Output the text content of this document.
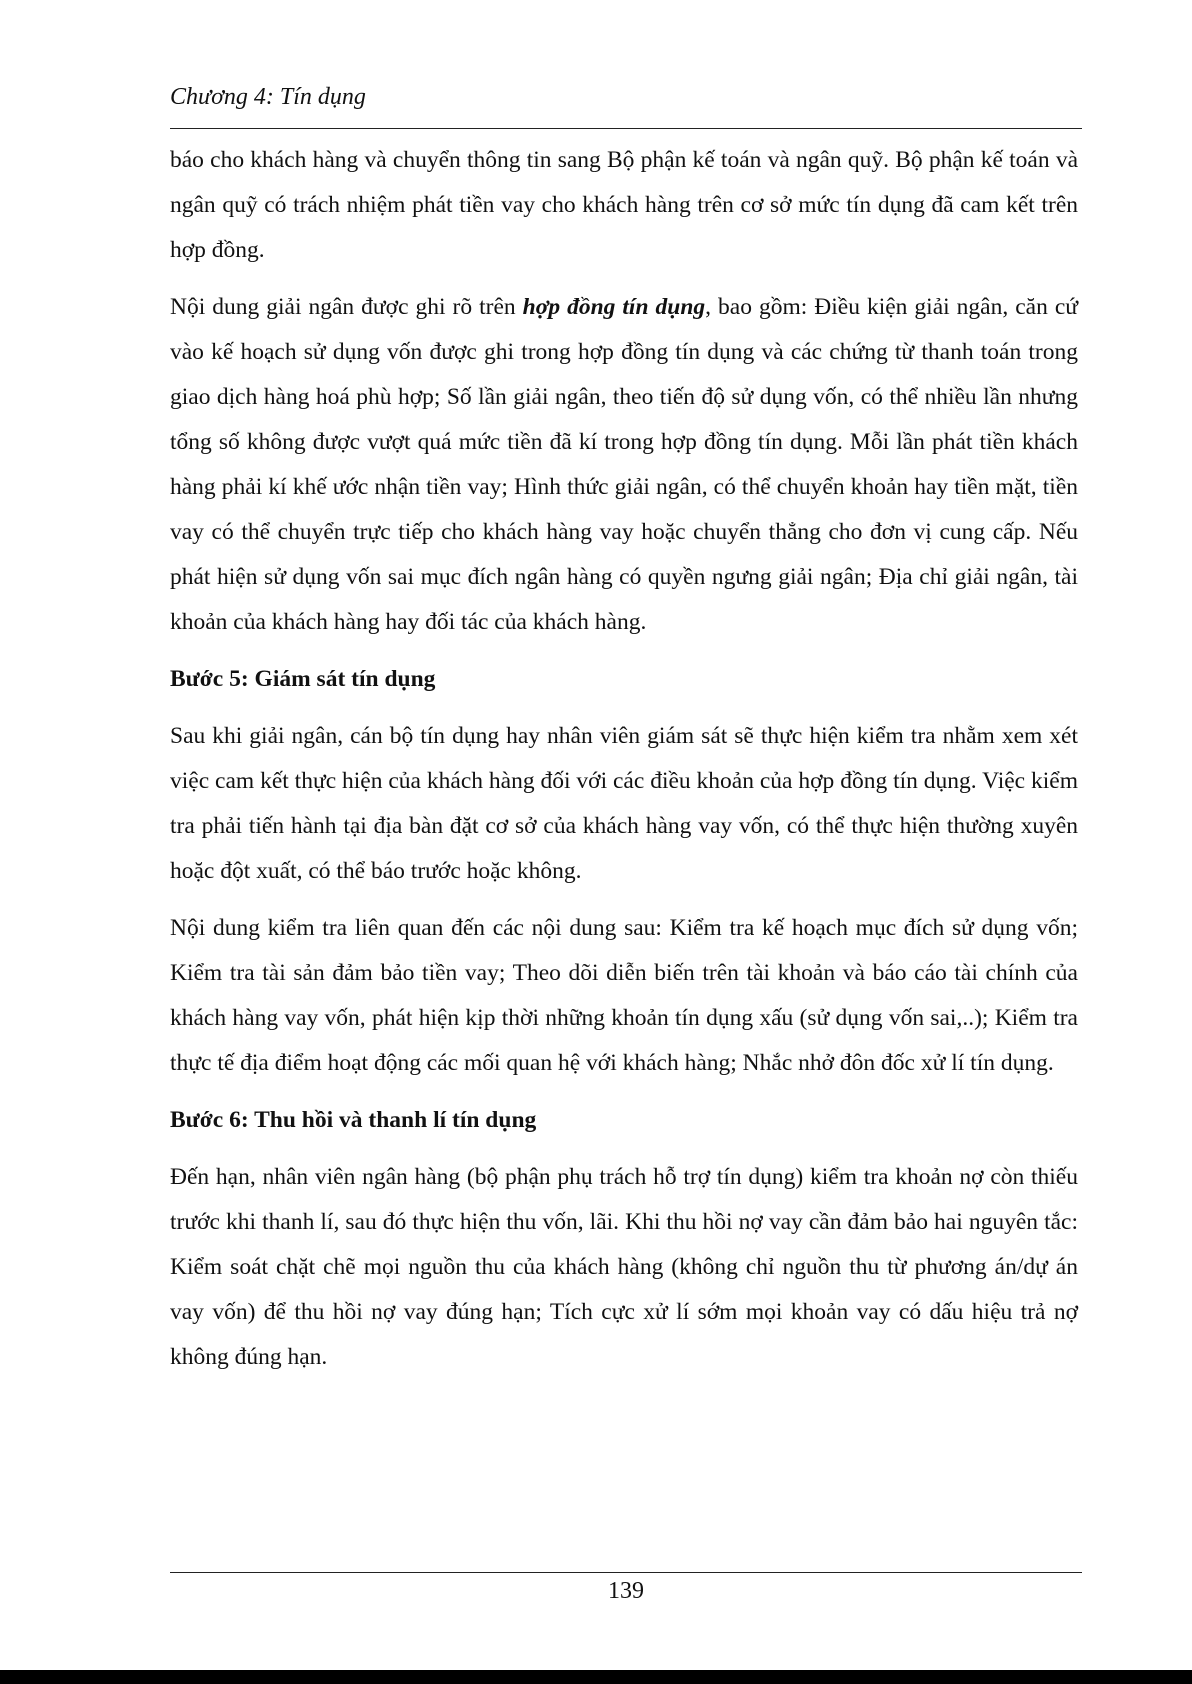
Chương 4: Tín dụng

báo cho khách hàng và chuyển thông tin sang Bộ phận kế toán và ngân quỹ. Bộ phận kế toán và ngân quỹ có trách nhiệm phát tiền vay cho khách hàng trên cơ sở mức tín dụng đã cam kết trên hợp đồng.

Nội dung giải ngân được ghi rõ trên hợp đồng tín dụng, bao gồm: Điều kiện giải ngân, căn cứ vào kế hoạch sử dụng vốn được ghi trong hợp đồng tín dụng và các chứng từ thanh toán trong giao dịch hàng hoá phù hợp; Số lần giải ngân, theo tiến độ sử dụng vốn, có thể nhiều lần nhưng tổng số không được vượt quá mức tiền đã kí trong hợp đồng tín dụng. Mỗi lần phát tiền khách hàng phải kí khế ước nhận tiền vay; Hình thức giải ngân, có thể chuyển khoản hay tiền mặt, tiền vay có thể chuyển trực tiếp cho khách hàng vay hoặc chuyển thẳng cho đơn vị cung cấp. Nếu phát hiện sử dụng vốn sai mục đích ngân hàng có quyền ngưng giải ngân; Địa chỉ giải ngân, tài khoản của khách hàng hay đối tác của khách hàng.

Bước 5: Giám sát tín dụng

Sau khi giải ngân, cán bộ tín dụng hay nhân viên giám sát sẽ thực hiện kiểm tra nhằm xem xét việc cam kết thực hiện của khách hàng đối với các điều khoản của hợp đồng tín dụng. Việc kiểm tra phải tiến hành tại địa bàn đặt cơ sở của khách hàng vay vốn, có thể thực hiện thường xuyên hoặc đột xuất, có thể báo trước hoặc không.

Nội dung kiểm tra liên quan đến các nội dung sau: Kiểm tra kế hoạch mục đích sử dụng vốn; Kiểm tra tài sản đảm bảo tiền vay; Theo dõi diễn biến trên tài khoản và báo cáo tài chính của khách hàng vay vốn, phát hiện kịp thời những khoản tín dụng xấu (sử dụng vốn sai,..); Kiểm tra thực tế địa điểm hoạt động các mối quan hệ với khách hàng; Nhắc nhở đôn đốc xử lí tín dụng.

Bước 6: Thu hồi và thanh lí tín dụng

Đến hạn, nhân viên ngân hàng (bộ phận phụ trách hỗ trợ tín dụng) kiểm tra khoản nợ còn thiếu trước khi thanh lí, sau đó thực hiện thu vốn, lãi. Khi thu hồi nợ vay cần đảm bảo hai nguyên tắc: Kiểm soát chặt chẽ mọi nguồn thu của khách hàng (không chỉ nguồn thu từ phương án/dự án vay vốn) để thu hồi nợ vay đúng hạn; Tích cực xử lí sớm mọi khoản vay có dấu hiệu trả nợ không đúng hạn.

139
